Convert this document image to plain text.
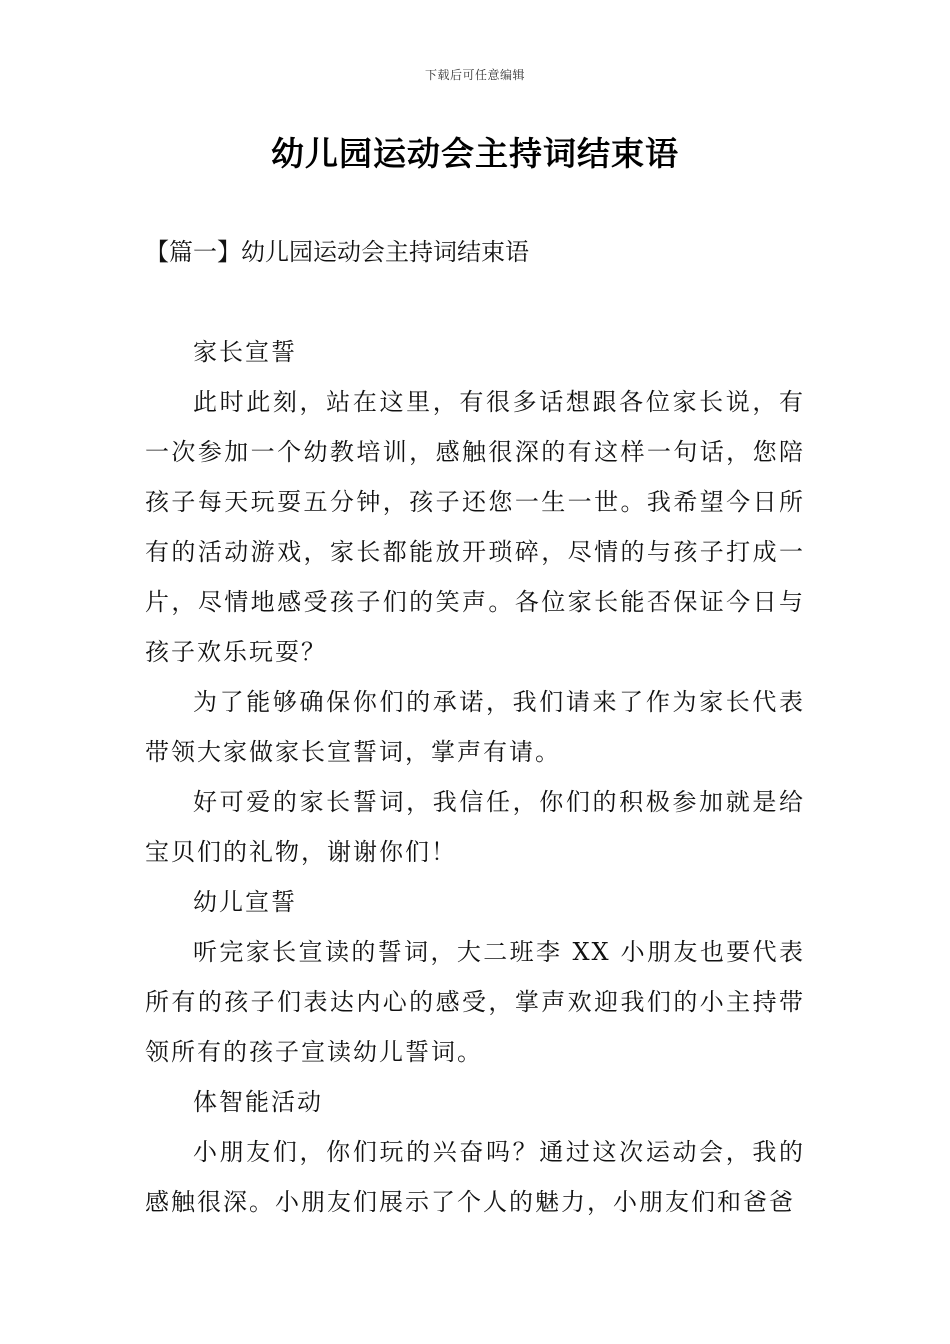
下载后可任意编辑
幼儿园运动会主持词结束语
【篇一】幼儿园运动会主持词结束语

家长宣誓

此时此刻，站在这里，有很多话想跟各位家长说，有一次参加一个幼教培训，感触很深的有这样一句话，您陪孩子每天玩耍五分钟，孩子还您一生一世。我希望今日所有的活动游戏，家长都能放开琐碎，尽情的与孩子打成一片，尽情地感受孩子们的笑声。各位家长能否保证今日与孩子欢乐玩耍？

为了能够确保你们的承诺，我们请来了作为家长代表带领大家做家长宣誓词，掌声有请。

好可爱的家长誓词，我信任，你们的积极参加就是给宝贝们的礼物，谢谢你们！

幼儿宣誓

听完家长宣读的誓词，大二班李 XX 小朋友也要代表所有的孩子们表达内心的感受，掌声欢迎我们的小主持带领所有的孩子宣读幼儿誓词。

体智能活动

小朋友们，你们玩的兴奋吗？通过这次运动会，我的感触很深。小朋友们展示了个人的魅力，小朋友们和爸爸
